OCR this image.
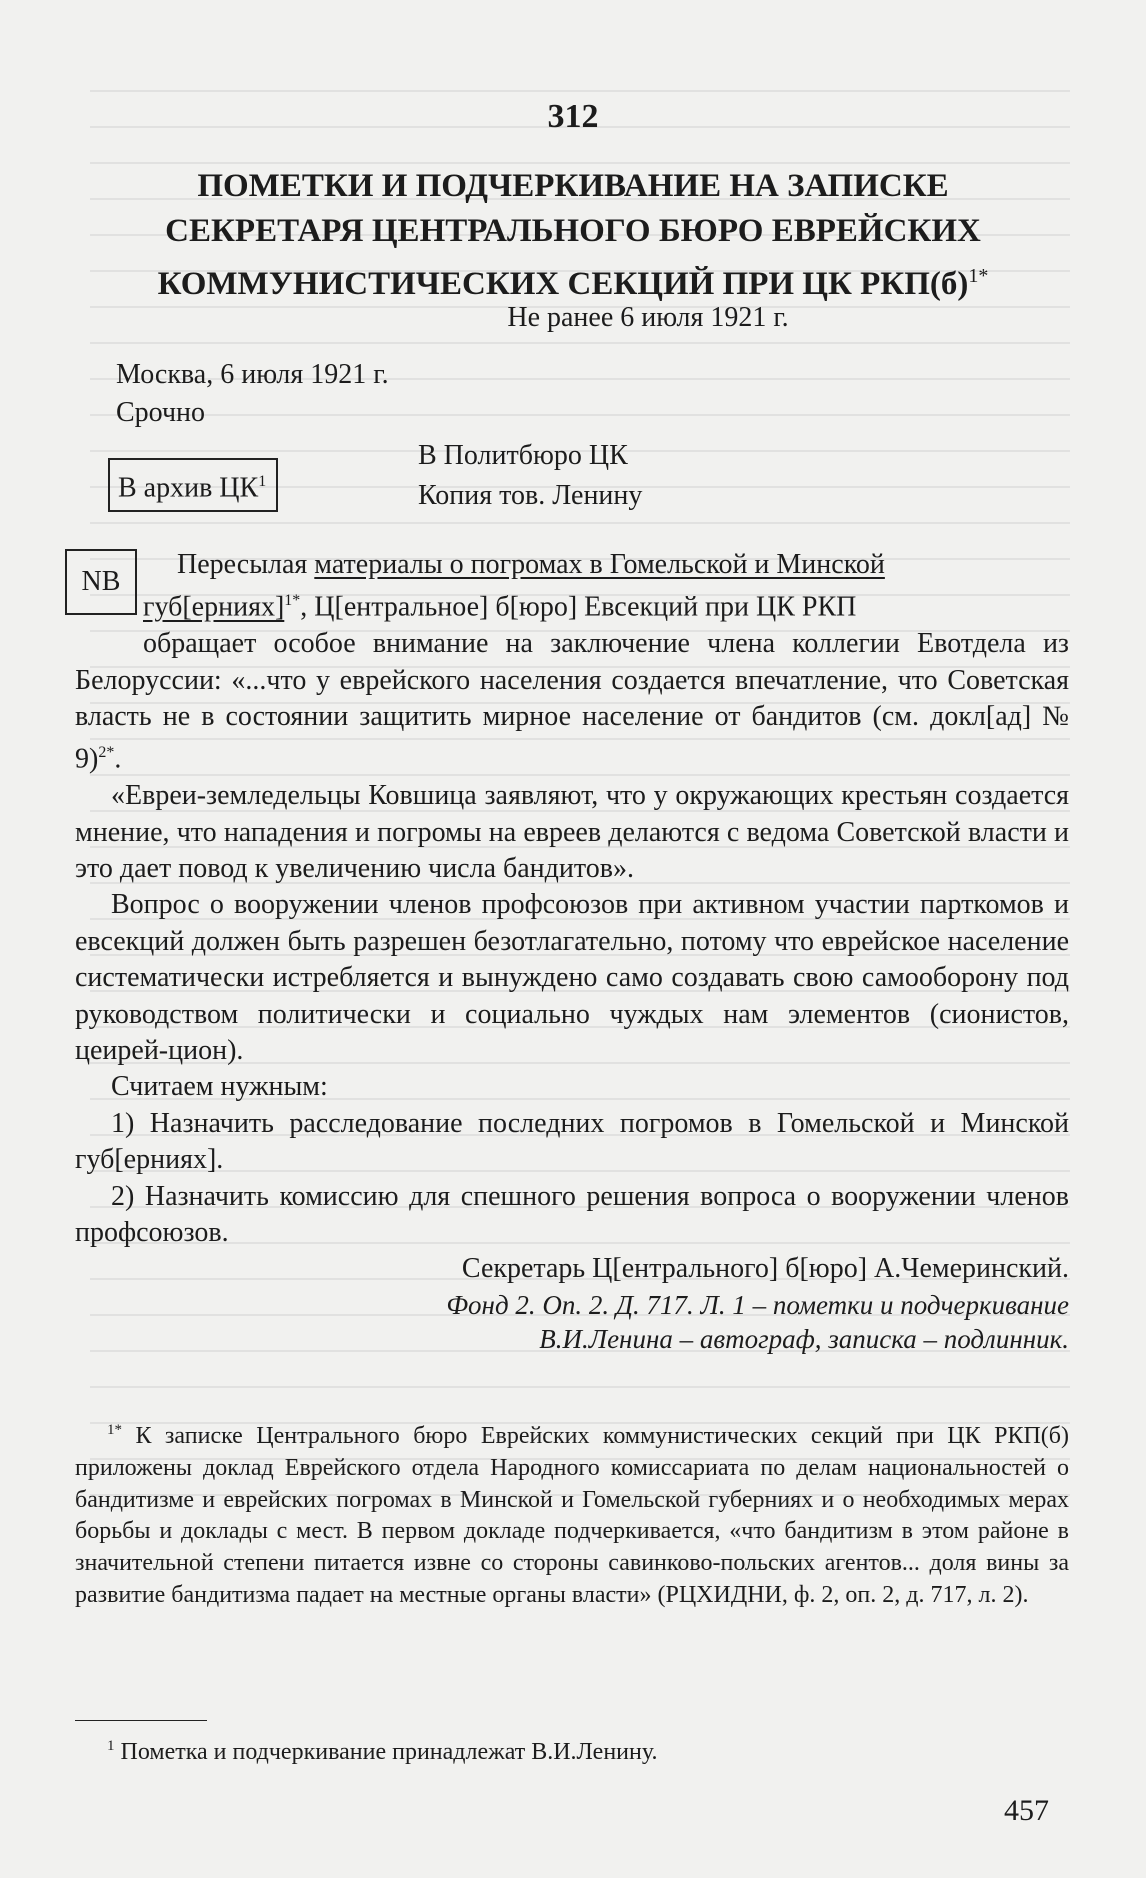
312
ПОМЕТКИ И ПОДЧЕРКИВАНИЕ НА ЗАПИСКЕ
СЕКРЕТАРЯ ЦЕНТРАЛЬНОГО БЮРО ЕВРЕЙСКИХ
КОММУНИСТИЧЕСКИХ СЕКЦИЙ ПРИ ЦК $РКП(б)^{1*}$
Не ранее 6 июля 1921 г.
Москва, 6 июля 1921 г.
Срочно
В Политбюро ЦК
Копия тов. Ленину
В архив $ЦК^1$
NB

Пересылая материалы о погромах в Гомельской и Минской
губ[ерниях]$^{1*}$, Ц[ентральное] б[юро] Евсекций при ЦК РКП
обращает особое внимание на заключение члена коллегии Евотдела из Белоруссии: «...что у еврейского населения создается впечатление, что Советская власть не в состоянии защитить мирное население от бандитов (см. докл[ад] № 9)$^{2*}$.

«Евреи-земледельцы Ковшица заявляют, что у окружающих крестьян создается мнение, что нападения и погромы на евреев делаются с ведома Советской власти и это дает повод к увеличению числа бандитов».

Вопрос о вооружении членов профсоюзов при активном участии парткомов и евсекций должен быть разрешен безотлагательно, потому что еврейское население систематически истребляется и вынуждено само создавать свою самооборону под руководством политически и социально чуждых нам элементов (сионистов, цеирей-цион).

Считаем нужным:

1) Назначить расследование последних погромов в Гомельской и Минской губ[ерниях].

2) Назначить комиссию для спешного решения вопроса о вооружении членов профсоюзов.

Секретарь Ц[ентрального] б[юро] А.Чемеринский.

Фонд 2. Оп. 2. Д. 717. Л. 1 – пометки и подчеркивание

В.И.Ленина – автограф, записка – подлинник.

$^{1*}$ К записке Центрального бюро Еврейских коммунистических секций при ЦК РКП(б) приложены доклад Еврейского отдела Народного комиссариата по делам национальностей о бандитизме и еврейских погромах в Минской и Гомельской губерниях и о необходимых мерах борьбы и доклады с мест. В первом докладе подчеркивается, «что бандитизм в этом районе в значительной степени питается извне со стороны савинково-польских агентов... доля вины за развитие бандитизма падает на местные органы власти» (РЦХИДНИ, ф. 2, оп. 2, д. 717, л. 2).

$^1$ Пометка и подчеркивание принадлежат В.И.Ленину.
457
